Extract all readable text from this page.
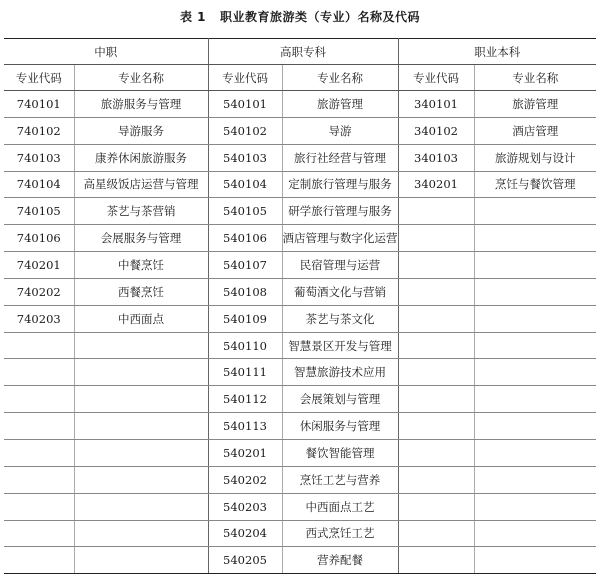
表 1 职业教育旅游类（专业）名称及代码
中职		高职专科		职业本科	
专业代码	专业名称	专业代码	专业名称	专业代码	专业名称
740101	旅游服务与管理	540101	旅游管理	340101	旅游管理
740102	导游服务	540102	导游	340102	酒店管理
740103	康养休闲旅游服务	540103	旅行社经营与管理	340103	旅游规划与设计
740104	高星级饭店运营与管理	540104	定制旅行管理与服务	340201	烹饪与餐饮管理
740105	茶艺与茶营销	540105	研学旅行管理与服务		
740106	会展服务与管理	540106	酒店管理与数字化运营		
740201	中餐烹饪	540107	民宿管理与运营		
740202	西餐烹饪	540108	葡萄酒文化与营销		
740203	中西面点	540109	茶艺与茶文化		
		540110	智慧景区开发与管理		
		540111	智慧旅游技术应用		
		540112	会展策划与管理		
		540113	休闲服务与管理		
		540201	餐饮智能管理		
		540202	烹饪工艺与营养		
		540203	中西面点工艺		
		540204	西式烹饪工艺		
		540205	营养配餐		
